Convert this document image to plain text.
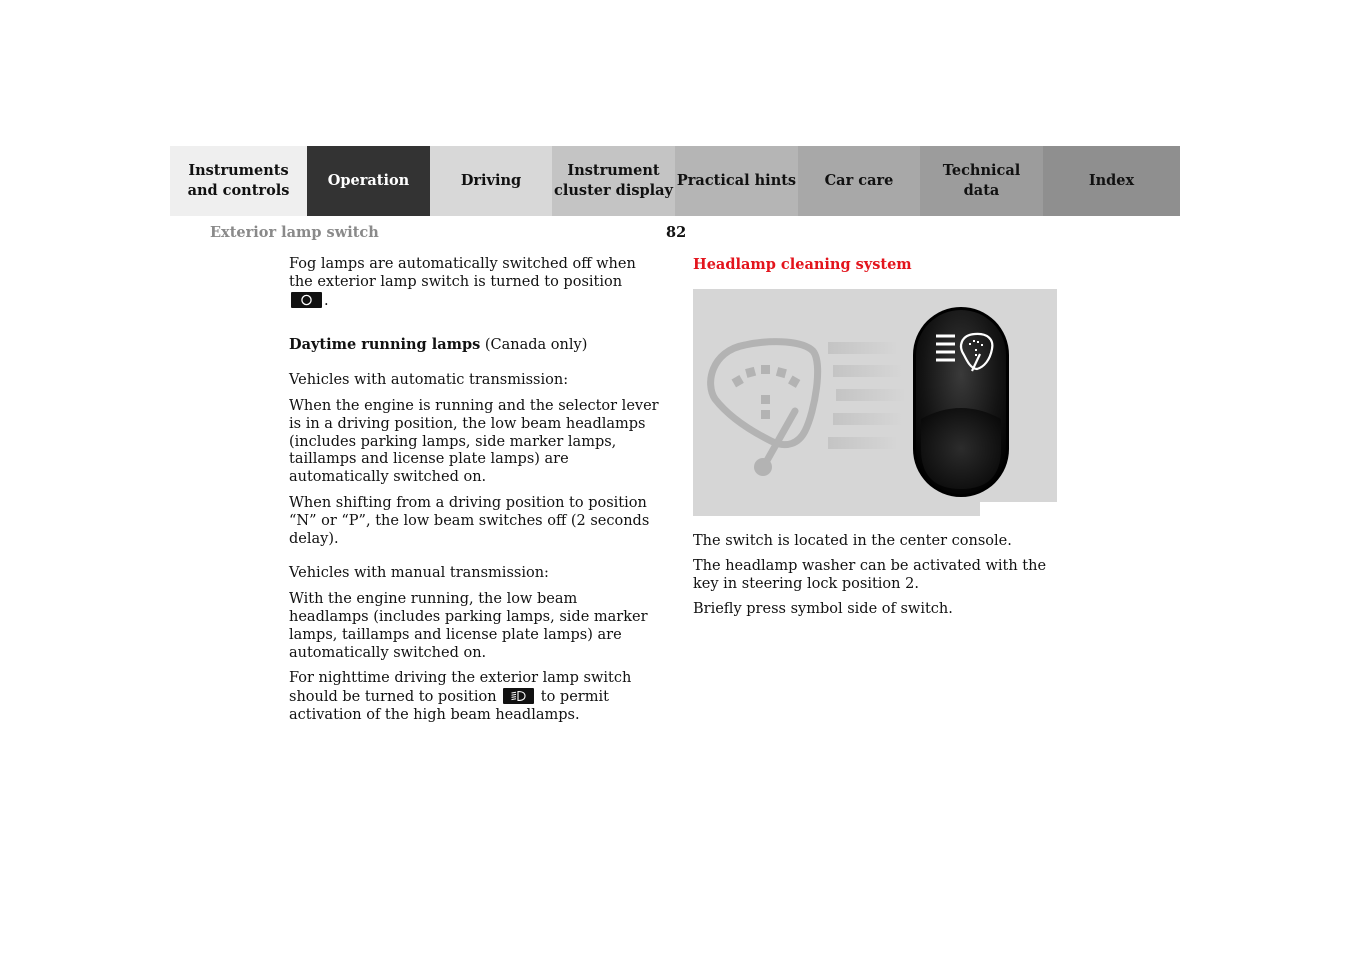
Instruments
and controls
Operation	Driving
Instrument
cluster display
Practical hints Car care
Technical
data
Index
Exterior lamp switch	82

Fog lamps are automatically switched off when the exterior lamp switch is turned to position
.

Daytime running lamps (Canada only)

Vehicles with automatic transmission:

When the engine is running and the selector lever is in a driving position, the low beam headlamps (includes parking lamps, side marker lamps, taillamps and license plate lamps) are automatically switched on.

When shifting from a driving position to position “N” or “P”, the low beam switches off (2 seconds delay).

Vehicles with manual transmission:

With the engine running, the low beam headlamps (includes parking lamps, side marker lamps, taillamps and license plate lamps) are automatically switched on.

For nighttime driving the exterior lamp switch should be turned to position	to permit activation of the high beam headlamps.

Headlamp cleaning system

The switch is located in the center console.

The headlamp washer can be activated with the key in steering lock position 2.

Briefly press symbol side of switch.
